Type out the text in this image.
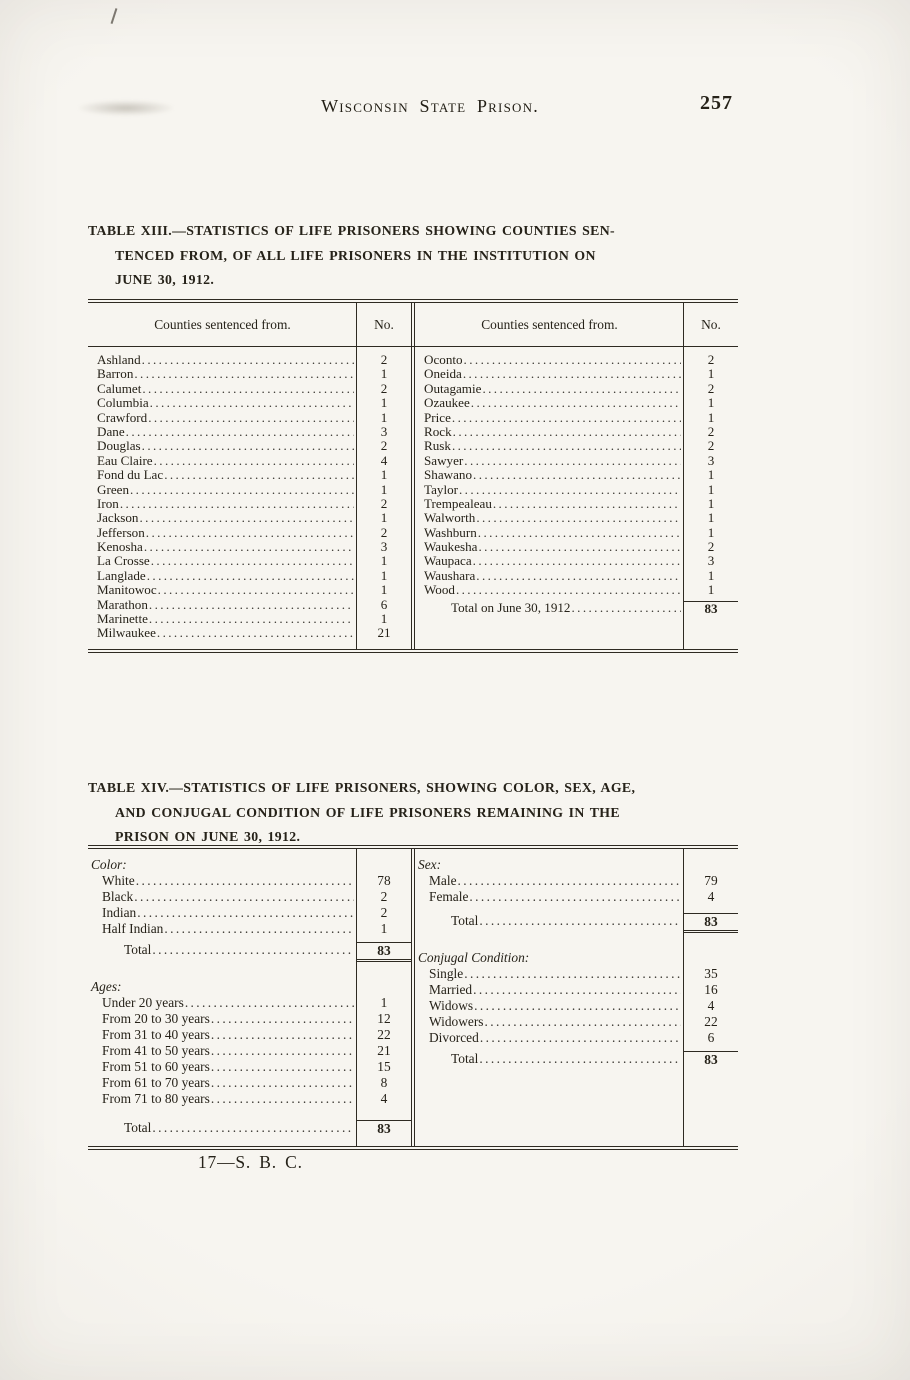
Wisconsin State Prison.	257
TABLE XIII.—STATISTICS OF LIFE PRISONERS SHOWING COUNTIES SEN-
TENCED FROM, OF ALL LIFE PRISONERS IN THE INSTITUTION ON
JUNE 30, 1912.
Counties sentenced from.	No.	Counties sentenced from.	No.
Ashland .....	2
Barron .....	1
Calumet .....	2
Columbia .....	1
Crawford .....	1
Dane .....	3
Douglas .....	2
Eau Claire .....	4
Fond du Lac .....	1
Green .....	1
Iron .....	2
Jackson .....	1
Jefferson .....	2
Kenosha .....	3
La Crosse .....	1
Langlade .....	1
Manitowoc .....	1
Marathon .....	6
Marinette .....	1
Milwaukee .....	21
Oconto .....	2
Oneida .....	1
Outagamie .....	2
Ozaukee .....	1
Price .....	1
Rock .....	2
Rusk .....	2
Sawyer .....	3
Shawano .....	1
Taylor .....	1
Trempealeau .....	1
Walworth .....	1
Washburn .....	1
Waukesha .....	2
Waupaca .....	3
Waushara .....	1
Wood .....	1
Total on June 30, 1912 .....	83
TABLE XIV.—STATISTICS OF LIFE PRISONERS, SHOWING COLOR, SEX, AGE,
AND CONJUGAL CONDITION OF LIFE PRISONERS REMAINING IN THE
PRISON ON JUNE 30, 1912.
Color:
White .....	78
Black .....	2
Indian .....	2
Half Indian .....	1
Total .....	83
Ages:
Under 20 years .....	1
From 20 to 30 years .....	12
From 31 to 40 years .....	22
From 41 to 50 years .....	21
From 51 to 60 years .....	15
From 61 to 70 years .....	8
From 71 to 80 years .....	4
Total .....	83
Sex:
Male .....	79
Female .....	4
Total .....	83
Conjugal Condition:
Single .....	35
Married .....	16
Widows .....	4
Widowers .....	22
Divorced .....	6
Total .....	83
17—S. B. C.
